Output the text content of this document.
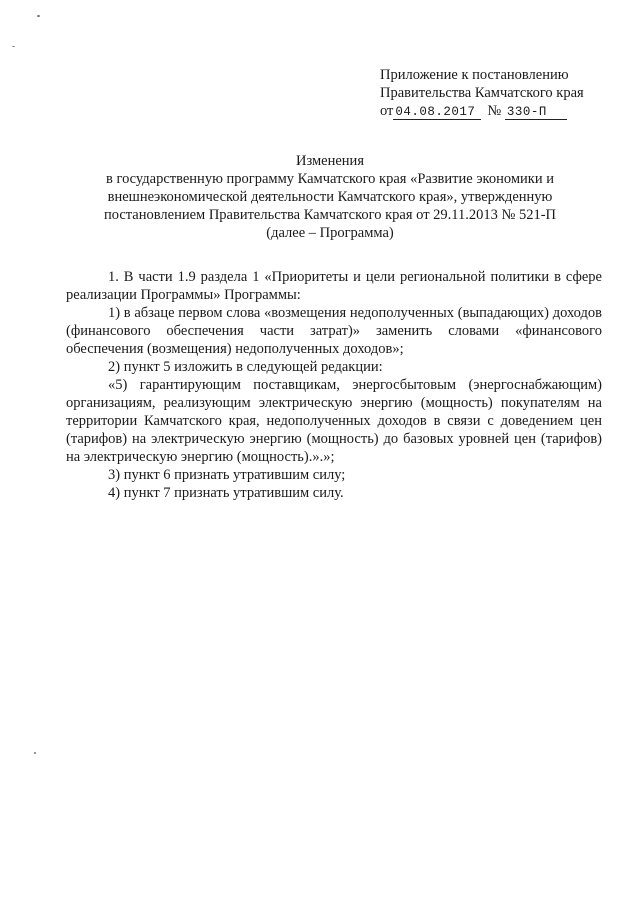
Приложение к постановлению
Правительства Камчатского края
от 04.08.2017 № 330-П
Изменения
в государственную программу Камчатского края «Развитие экономики и
внешнеэкономической деятельности Камчатского края», утвержденную
постановлением Правительства Камчатского края от 29.11.2013 № 521-П
(далее – Программа)

1. В части 1.9 раздела 1 «Приоритеты и цели региональной политики в сфере реализации Программы» Программы:

1) в абзаце первом слова «возмещения недополученных (выпадающих) доходов (финансового обеспечения части затрат)» заменить словами «финансового обеспечения (возмещения) недополученных доходов»;

2) пункт 5 изложить в следующей редакции:

«5) гарантирующим поставщикам, энергосбытовым (энергоснабжающим) организациям, реализующим электрическую энергию (мощность) покупателям на территории Камчатского края, недополученных доходов в связи с доведением цен (тарифов) на электрическую энергию (мощность) до базовых уровней цен (тарифов) на электрическую энергию (мощность).».»;

3) пункт 6 признать утратившим силу;

4) пункт 7 признать утратившим силу.
